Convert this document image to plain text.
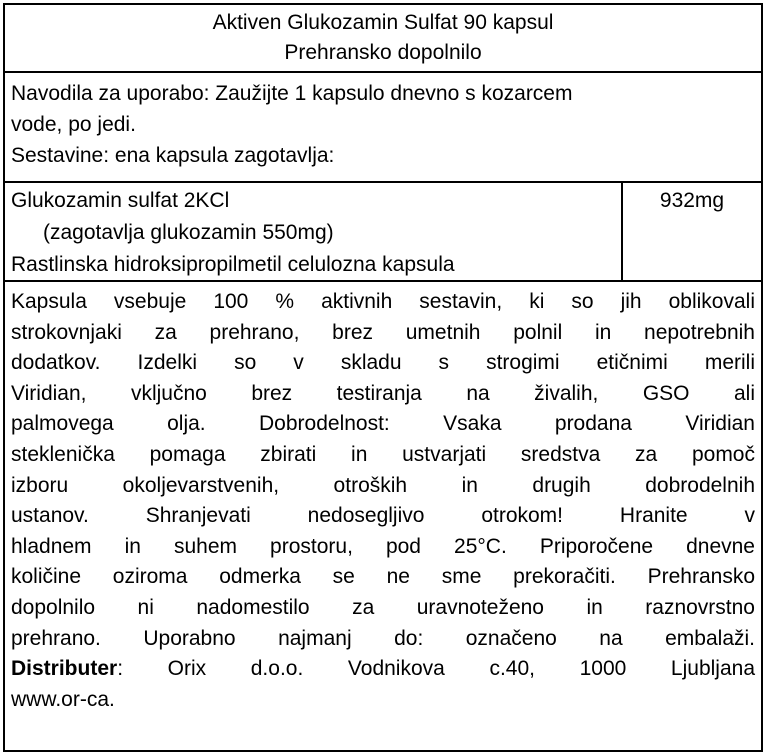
Aktiven Glukozamin Sulfat 90 kapsul
Prehransko dopolnilo
Navodila za uporabo: Zaužijte 1 kapsulo dnevno s kozarcem
vode, po jedi.
Sestavine: ena kapsula zagotavlja:
Glukozamin sulfat 2KCl
(zagotavlja glukozamin 550mg)
Rastlinska hidroksipropilmetil celulozna kapsula
932mg
Kapsula vsebuje 100 % aktivnih sestavin, ki so jih oblikovali
strokovnjaki za prehrano, brez umetnih polnil in nepotrebnih
dodatkov. Izdelki so v skladu s strogimi etičnimi merili
Viridian, vključno brez testiranja na živalih, GSO ali
palmovega olja. Dobrodelnost: Vsaka prodana Viridian
steklenička pomaga zbirati in ustvarjati sredstva za pomoč
izboru okoljevarstvenih, otroških in drugih dobrodelnih
ustanov. Shranjevati nedosegljivo otrokom! Hranite v
hladnem in suhem prostoru, pod 25°C. Priporočene dnevne
količine oziroma odmerka se ne sme prekoračiti. Prehransko
dopolnilo ni nadomestilo za uravnoteženo in raznovrstno
prehrano. Uporabno najmanj do: označeno na embalaži.
Distributer: Orix d.o.o. Vodnikova c.40, 1000 Ljubljana
www.or-ca.
